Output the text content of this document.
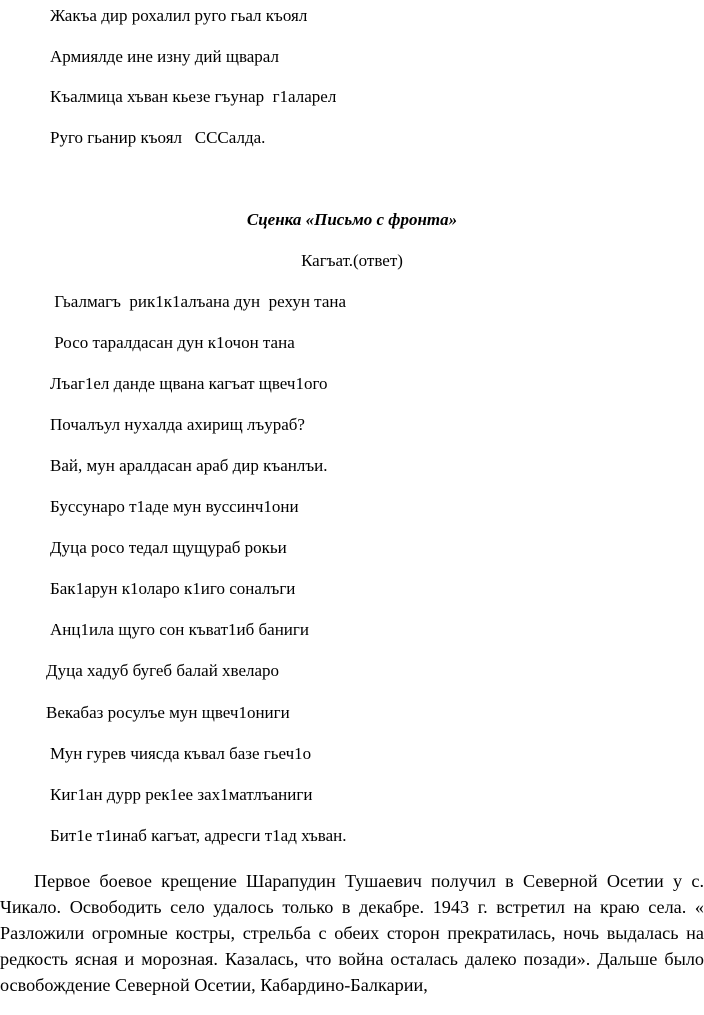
Жакъа дир рохалил руго гьал къоял
Армиялде ине изну дий щварал
Къалмица хъван кьезе гъунар  г1аларел
Руго гьанир къоял   СССалда.
Сценка «Письмо с фронта»
Кагъат.(ответ)
Гьалмагъ  рик1к1алъана дун  рехун тана
Росо таралдасан дун к1очон тана
Лъаг1ел данде щвана кагъат щвеч1ого
Почалъул нухалда ахирищ лъураб?
Вай, мун аралдасан араб дир къанлъи.
Буссунаро т1аде мун вуссинч1они
Дуца росо тедал щущураб рокьи
Бак1арун к1оларо к1иго соналъги
Анц1ила щуго сон къват1иб баниги
Дуца хадуб бугеб балай хвеларо
Векабаз росулъе мун щвеч1ониги
Мун гурев чиясда къвал базе гьеч1о
Киг1ан дурр рек1ее зах1матлъаниги
Бит1е т1инаб кагъат, адресги т1ад хъван.

Первое боевое крещение Шарапудин Тушаевич получил в Северной Осетии у с. Чикало. Освободить село удалось только в декабре. 1943 г. встретил на краю села. « Разложили огромные костры, стрельба с обеих сторон прекратилась, ночь выдалась на редкость ясная и морозная. Казалась, что война осталась далеко позади». Дальше было освобождение Северной Осетии, Кабардино-Балкарии,
